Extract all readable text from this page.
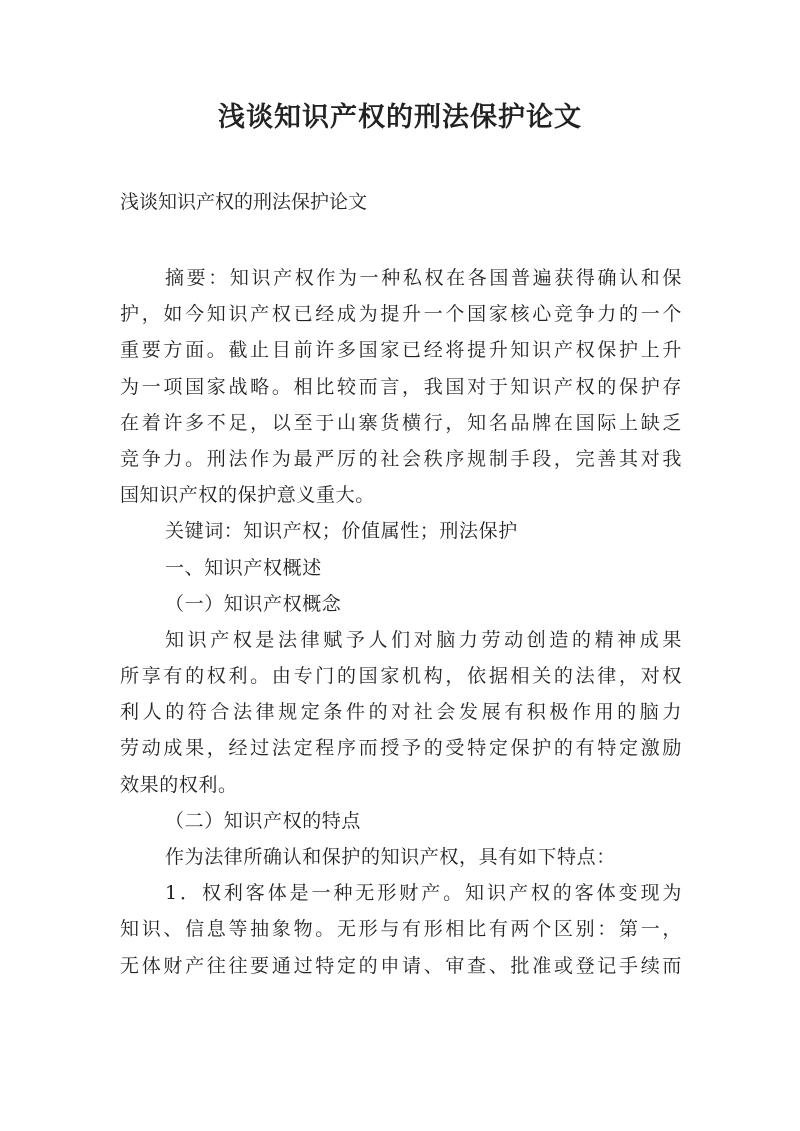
浅谈知识产权的刑法保护论文

浅谈知识产权的刑法保护论文

摘要：知识产权作为一种私权在各国普遍获得确认和保

护，如今知识产权已经成为提升一个国家核心竞争力的一个

重要方面。截止目前许多国家已经将提升知识产权保护上升

为一项国家战略。相比较而言，我国对于知识产权的保护存

在着许多不足，以至于山寨货横行，知名品牌在国际上缺乏

竞争力。刑法作为最严厉的社会秩序规制手段，完善其对我

国知识产权的保护意义重大。

关键词：知识产权；价值属性；刑法保护

一、知识产权概述

（一）知识产权概念

知识产权是法律赋予人们对脑力劳动创造的精神成果

所享有的权利。由专门的国家机构，依据相关的法律，对权

利人的符合法律规定条件的对社会发展有积极作用的脑力

劳动成果，经过法定程序而授予的受特定保护的有特定激励

效果的权利。

（二）知识产权的特点

作为法律所确认和保护的知识产权，具有如下特点：

1．权利客体是一种无形财产。知识产权的客体变现为

知识、信息等抽象物。无形与有形相比有两个区别：第一，

无体财产往往要通过特定的申请、审查、批准或登记手续而
